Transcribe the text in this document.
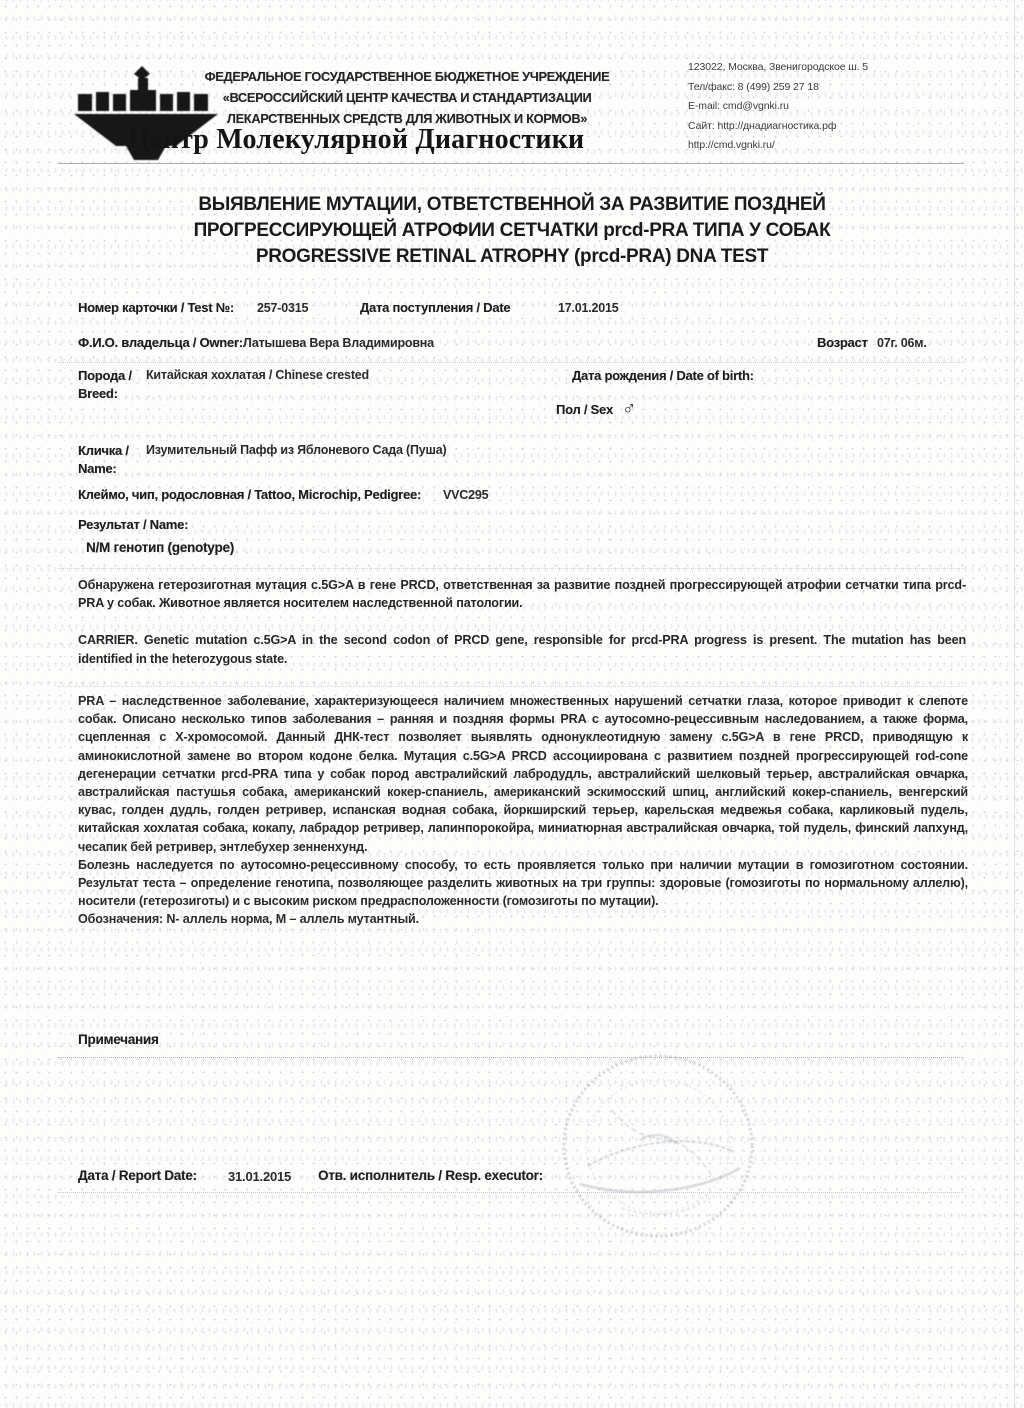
ФЕДЕРАЛЬНОЕ ГОСУДАРСТВЕННОЕ БЮДЖЕТНОЕ УЧРЕЖДЕНИЕ
«ВСЕРОССИЙСКИЙ ЦЕНТР КАЧЕСТВА И СТАНДАРТИЗАЦИИ
ЛЕКАРСТВЕННЫХ СРЕДСТВ ДЛЯ ЖИВОТНЫХ И КОРМОВ»
123022, Москва, Звенигородское ш. 5
Тел/факс: 8 (499) 259 27 18
E-mail: cmd@vgnki.ru
Сайт: http://днадиагностика.рф
http://cmd.vgnki.ru/
Центр Молекулярной Диагностики
ВЫЯВЛЕНИЕ МУТАЦИИ, ОТВЕТСТВЕННОЙ ЗА РАЗВИТИЕ ПОЗДНЕЙ
ПРОГРЕССИРУЮЩЕЙ АТРОФИИ СЕТЧАТКИ prcd-PRA ТИПА У СОБАК
PROGRESSIVE RETINAL ATROPHY (prcd-PRA) DNA TEST
Номер карточки / Test №: 257-0315	Дата поступления / Date	17.01.2015
Ф.И.О. владельца / Owner: Латышева Вера Владимировна	Возраст 07г. 06м.
Порода /
Breed:
Китайская хохлатая / Chinese crested	Дата рождения / Date of birth:
Пол / Sex ♂
Кличка /
Name:
Изумительный Пафф из Яблоневого Сада (Пуша)
Клеймо, чип, родословная / Tattoo, Microchip, Pedigree: VVC295
Результат / Name:
N/M генотип (genotype)
Обнаружена гетерозиготная мутация c.5G>A в гене PRCD, ответственная за развитие поздней прогрессирующей атрофии сетчатки типа prcd-PRA у собак. Животное является носителем наследственной патологии.
CARRIER. Genetic mutation c.5G>A in the second codon of PRCD gene, responsible for prcd-PRA progress is present. The mutation has been identified in the heterozygous state.
PRA – наследственное заболевание, характеризующееся наличием множественных нарушений сетчатки глаза, которое приводит к слепоте собак. Описано несколько типов заболевания – ранняя и поздняя формы PRA с аутосомно-рецессивным наследованием, а также форма, сцепленная с Х-хромосомой. Данный ДНК-тест позволяет выявлять однонуклеотидную замену c.5G>A в гене PRCD, приводящую к аминокислотной замене во втором кодоне белка. Мутация c.5G>A PRCD ассоциирована с развитием поздней прогрессирующей rod-cone дегенерации сетчатки prcd-PRA типа у собак пород австралийский лабродудль, австралийский шелковый терьер, австралийская овчарка, австралийская пастушья собака, американский кокер-спаниель, американский эскимосский шпиц, английский кокер-спаниель, венгерский кувас, голден дудль, голден ретривер, испанская водная собака, йоркширский терьер, карельская медвежья собака, карликовый пудель, китайская хохлатая собака, кокапу, лабрадор ретривер, лапинпорокойра, миниатюрная австралийская овчарка, той пудель, финский лапхунд, чесапик бей ретривер, энтлебухер зенненхунд.
Болезнь наследуется по аутосомно-рецессивному способу, то есть проявляется только при наличии мутации в гомозиготном состоянии. Результат теста – определение генотипа, позволяющее разделить животных на три группы: здоровые (гомозиготы по нормальному аллелю), носители (гетерозиготы) и с высоким риском предрасположенности (гомозиготы по мутации).
Обозначения: N- аллель норма, М – аллель мутантный.
Примечания
Дата / Report Date: 31.01.2015 Отв. исполнитель / Resp. executor:
